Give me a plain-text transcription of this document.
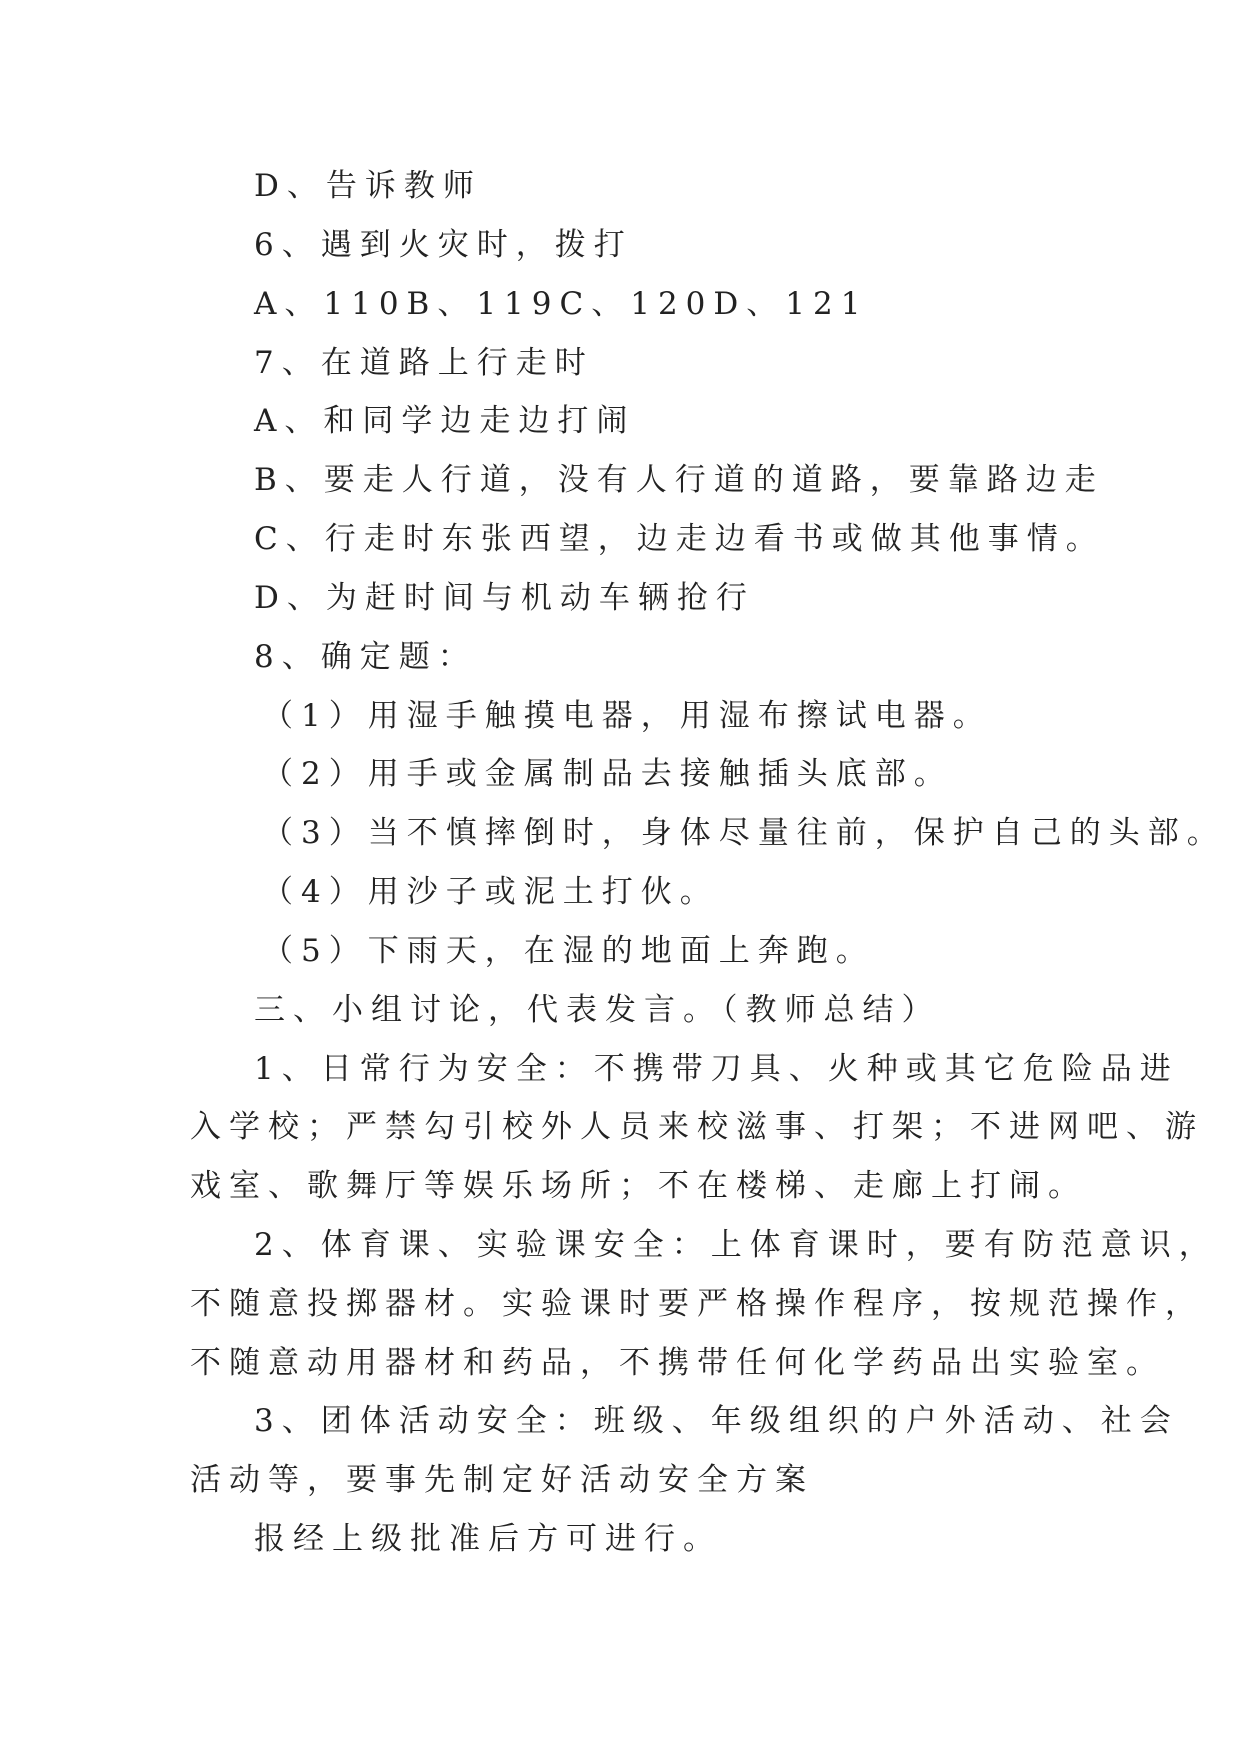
D、告诉教师
6、遇到火灾时，拨打
A、110B、119C、120D、121
7、在道路上行走时
A、和同学边走边打闹
B、要走人行道，没有人行道的道路，要靠路边走
C、行走时东张西望，边走边看书或做其他事情。
D、为赶时间与机动车辆抢行
8、确定题：
（1）用湿手触摸电器，用湿布擦试电器。
（2）用手或金属制品去接触插头底部。
（3）当不慎摔倒时，身体尽量往前，保护自己的头部。
（4）用沙子或泥土打伙。
（5）下雨天，在湿的地面上奔跑。
三、小组讨论，代表发言。（教师总结）
1、日常行为安全：不携带刀具、火种或其它危险品进
入学校；严禁勾引校外人员来校滋事、打架；不进网吧、游
戏室、歌舞厅等娱乐场所；不在楼梯、走廊上打闹。
2、体育课、实验课安全：上体育课时，要有防范意识，
不随意投掷器材。实验课时要严格操作程序，按规范操作，
不随意动用器材和药品，不携带任何化学药品出实验室。
3、团体活动安全：班级、年级组织的户外活动、社会
活动等，要事先制定好活动安全方案
报经上级批准后方可进行。
